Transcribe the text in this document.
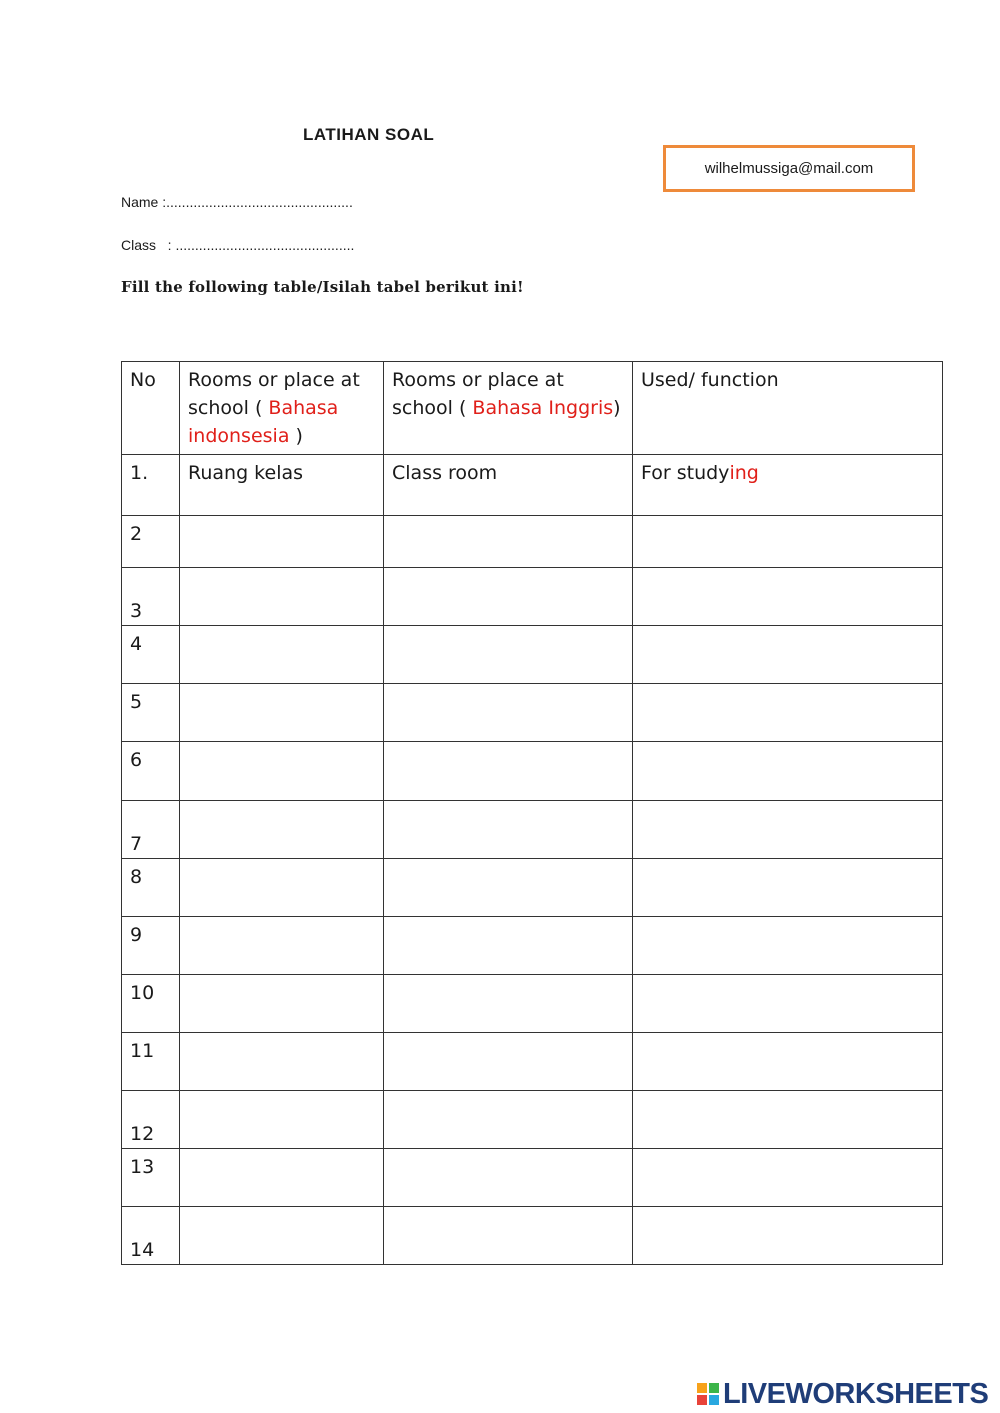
LATIHAN SOAL
wilhelmussiga@mail.com
Name :................................................
Class   : ..............................................
Fill the following table/Isilah tabel berikut ini!
No	Rooms or place at school ( Bahasa indonsesia )	Rooms or place at school ( Bahasa Inggris)	Used/ function
1.	Ruang kelas	Class room	For studying
2			
3			
4			
5			
6			
7			
8			
9			
10			
11			
12			
13			
14			
LIVEWORKSHEETS
